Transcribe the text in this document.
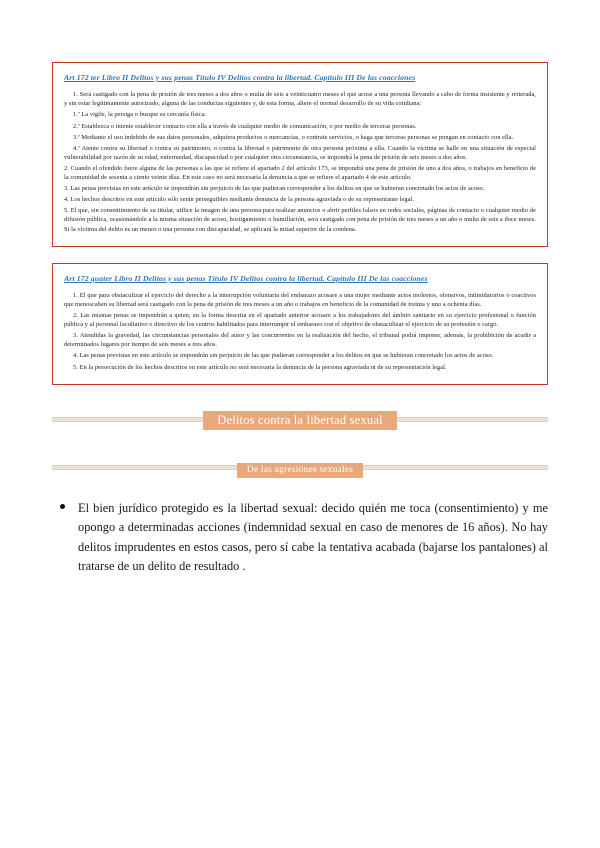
Art 172 ter Libro II Delitos y sus penas Título IV Delitos contra la libertad. Capítulo III De las coacciones

1. Será castigado con la pena de prisión de tres meses a dos años o multa de seis a veinticuatro meses el que acose a una persona llevando a cabo de forma insistente y reiterada, y sin estar legítimamente autorizado, alguna de las conductas siguientes y, de esta forma, altere el normal desarrollo de su vida cotidiana:

1.ª La vigile, la persiga o busque su cercanía física.

2.ª Establezca o intente establecer contacto con ella a través de cualquier medio de comunicación, o por medio de terceras personas.

3.ª Mediante el uso indebido de sus datos personales, adquiera productos o mercancías, o contrate servicios, o haga que terceras personas se pongan en contacto con ella.

4.ª Atente contra su libertad o contra su patrimonio, o contra la libertad o patrimonio de otra persona próxima a ella. Cuando la víctima se halle en una situación de especial vulnerabilidad por razón de su edad, enfermedad, discapacidad o por cualquier otra circunstancia, se impondrá la pena de prisión de seis meses a dos años.

2. Cuando el ofendido fuere alguna de las personas a las que se refiere el apartado 2 del artículo 173, se impondrá una pena de prisión de uno a dos años, o trabajos en beneficio de la comunidad de sesenta a ciento veinte días. En este caso no será necesaria la denuncia a que se refiere el apartado 4 de este artículo.

3. Las penas previstas en este artículo se impondrán sin perjuicio de las que pudieran corresponder a los delitos en que se hubieran concretado los actos de acoso.

4. Los hechos descritos en este artículo sólo serán perseguibles mediante denuncia de la persona agraviada o de su representante legal.

5. El que, sin consentimiento de su titular, utilice la imagen de una persona para realizar anuncios o abrir perfiles falsos en redes sociales, páginas de contacto o cualquier medio de difusión pública, ocasionándole a la misma situación de acoso, hostigamiento o humillación, será castigado con pena de prisión de tres meses a un año o multa de seis a doce meses. Si la víctima del delito es un menor o una persona con discapacidad, se aplicará la mitad superior de la condena.

Art 172 quater Libro II Delitos y sus penas Título IV Delitos contra la libertad. Capítulo III De las coacciones

1. El que para obstaculizar el ejercicio del derecho a la interrupción voluntaria del embarazo acosare a una mujer mediante actos molestos, ofensivos, intimidatorios o coactivos que menoscaben su libertad será castigado con la pena de prisión de tres meses a un año o trabajos en beneficio de la comunidad de treinta y uno a ochenta días.

2. Las mismas penas se impondrán a quien, en la forma descrita en el apartado anterior acosare a los trabajadores del ámbito sanitario en su ejercicio profesional o función pública y al personal facultativo o directivo de los centros habilitados para interrumpir el embarazo con el objetivo de obstaculizar el ejercicio de su profesión o cargo.

3. Atendidas la gravedad, las circunstancias personales del autor y las concurrentes en la realización del hecho, el tribunal podrá imponer, además, la prohibición de acudir a determinados lugares por tiempo de seis meses a tres años.

4. Las penas previstas en este artículo se impondrán sin perjuicio de las que pudieran corresponder a los delitos en que se hubieran concretado los actos de acoso.

5. En la persecución de los hechos descritos en este artículo no será necesaria la denuncia de la persona agraviada ni de su representación legal.

Delitos contra la libertad sexual
De las agresiones sexuales

El bien jurídico protegido es la libertad sexual: decido quién me toca (consentimiento) y me opongo a determinadas acciones (indemnidad sexual en caso de menores de 16 años). No hay delitos imprudentes en estos casos, pero sí cabe la tentativa acabada (bajarse los pantalones) al tratarse de un delito de resultado .
